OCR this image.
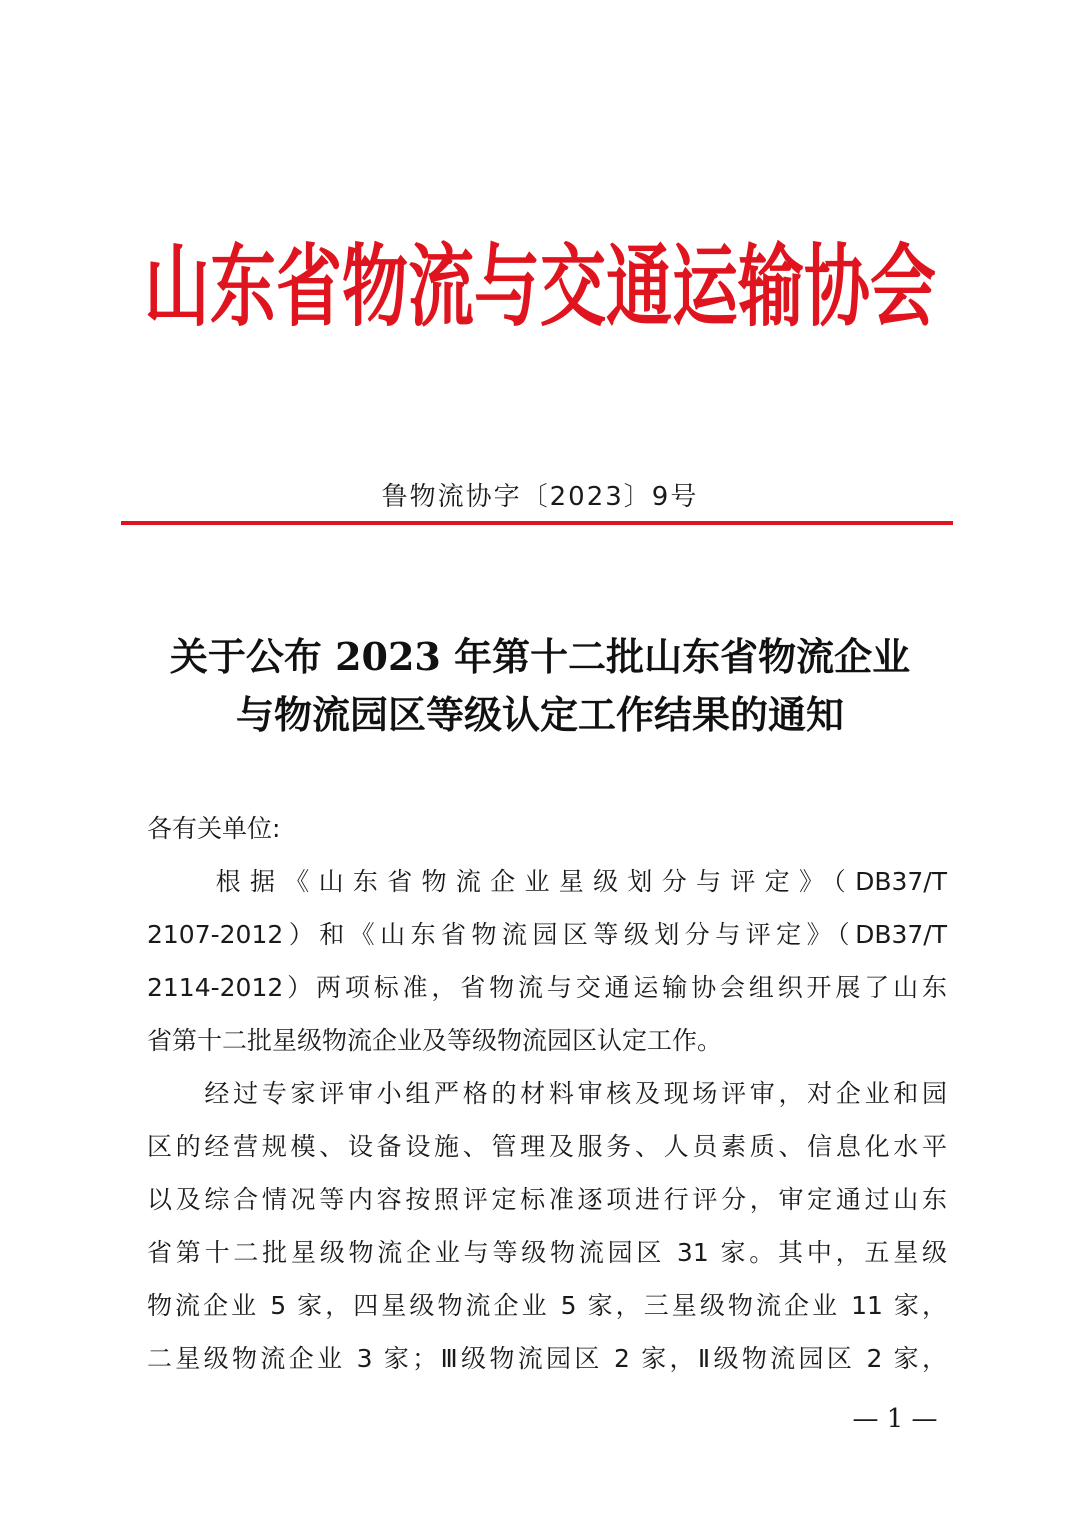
山东省物流与交通运输协会
鲁物流协字〔2023〕9号
关于公布 2023 年第十二批山东省物流企业
与物流园区等级认定工作结果的通知
各有关单位:
　　根据《山东省物流企业星级划分与评定》（DB37/T
2107-2012）和《山东省物流园区等级划分与评定》（DB37/T
2114-2012）两项标准，省物流与交通运输协会组织开展了山东
省第十二批星级物流企业及等级物流园区认定工作。
　　经过专家评审小组严格的材料审核及现场评审，对企业和园
区的经营规模、设备设施、管理及服务、人员素质、信息化水平
以及综合情况等内容按照评定标准逐项进行评分，审定通过山东
省第十二批星级物流企业与等级物流园区 31 家。其中，五星级
物流企业 5 家，四星级物流企业 5 家，三星级物流企业 11 家，
二星级物流企业 3 家；Ⅲ级物流园区 2 家，Ⅱ级物流园区 2 家，
— 1 —
